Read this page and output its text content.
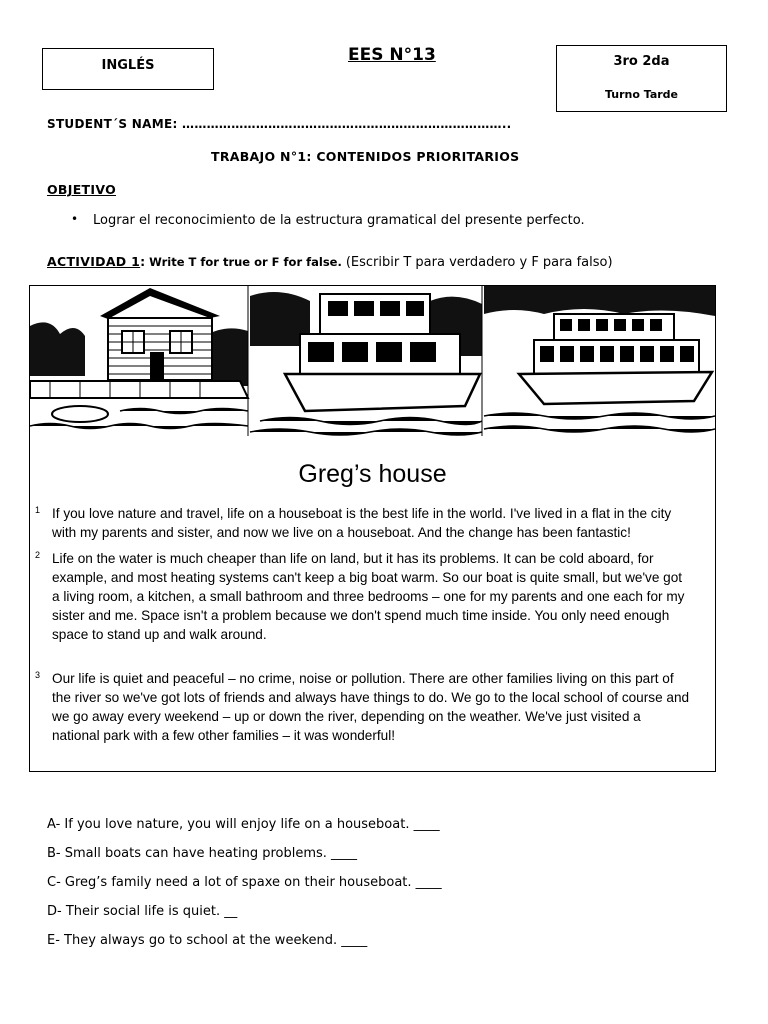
INGLÉS
EES N°13	3ro 2da
Turno Tarde
STUDENT´S NAME: ……………………………………………………………………..
TRABAJO N°1: CONTENIDOS PRIORITARIOS
OBJETIVO
• Lograr el reconocimiento de la estructura gramatical del presente perfecto.
ACTIVIDAD 1: Write T for true or F for false. (Escribir T para verdadero y F para falso)
Greg’s house
1 If you love nature and travel, life on a houseboat is the best life in the world. I've lived in a flat in the city with my parents and sister, and now we live on a houseboat. And the change has been fantastic!
2 Life on the water is much cheaper than life on land, but it has its problems. It can be cold aboard, for example, and most heating systems can't keep a big boat warm. So our boat is quite small, but we've got a living room, a kitchen, a small bathroom and three bedrooms – one for my parents and one each for my sister and me. Space isn't a problem because we don't spend much time inside. You only need enough space to stand up and walk around.
3 Our life is quiet and peaceful – no crime, noise or pollution. There are other families living on this part of the river so we've got lots of friends and always have things to do. We go to the local school of course and we go away every weekend – up or down the river, depending on the weather. We've just visited a national park with a few other families – it was wonderful!
A- If you love nature, you will enjoy life on a houseboat. ____
B- Small boats can have heating problems. ____
C- Greg’s family need a lot of spaxe on their houseboat. ____
D- Their social life is quiet. __
E- They always go to school at the weekend. ____
